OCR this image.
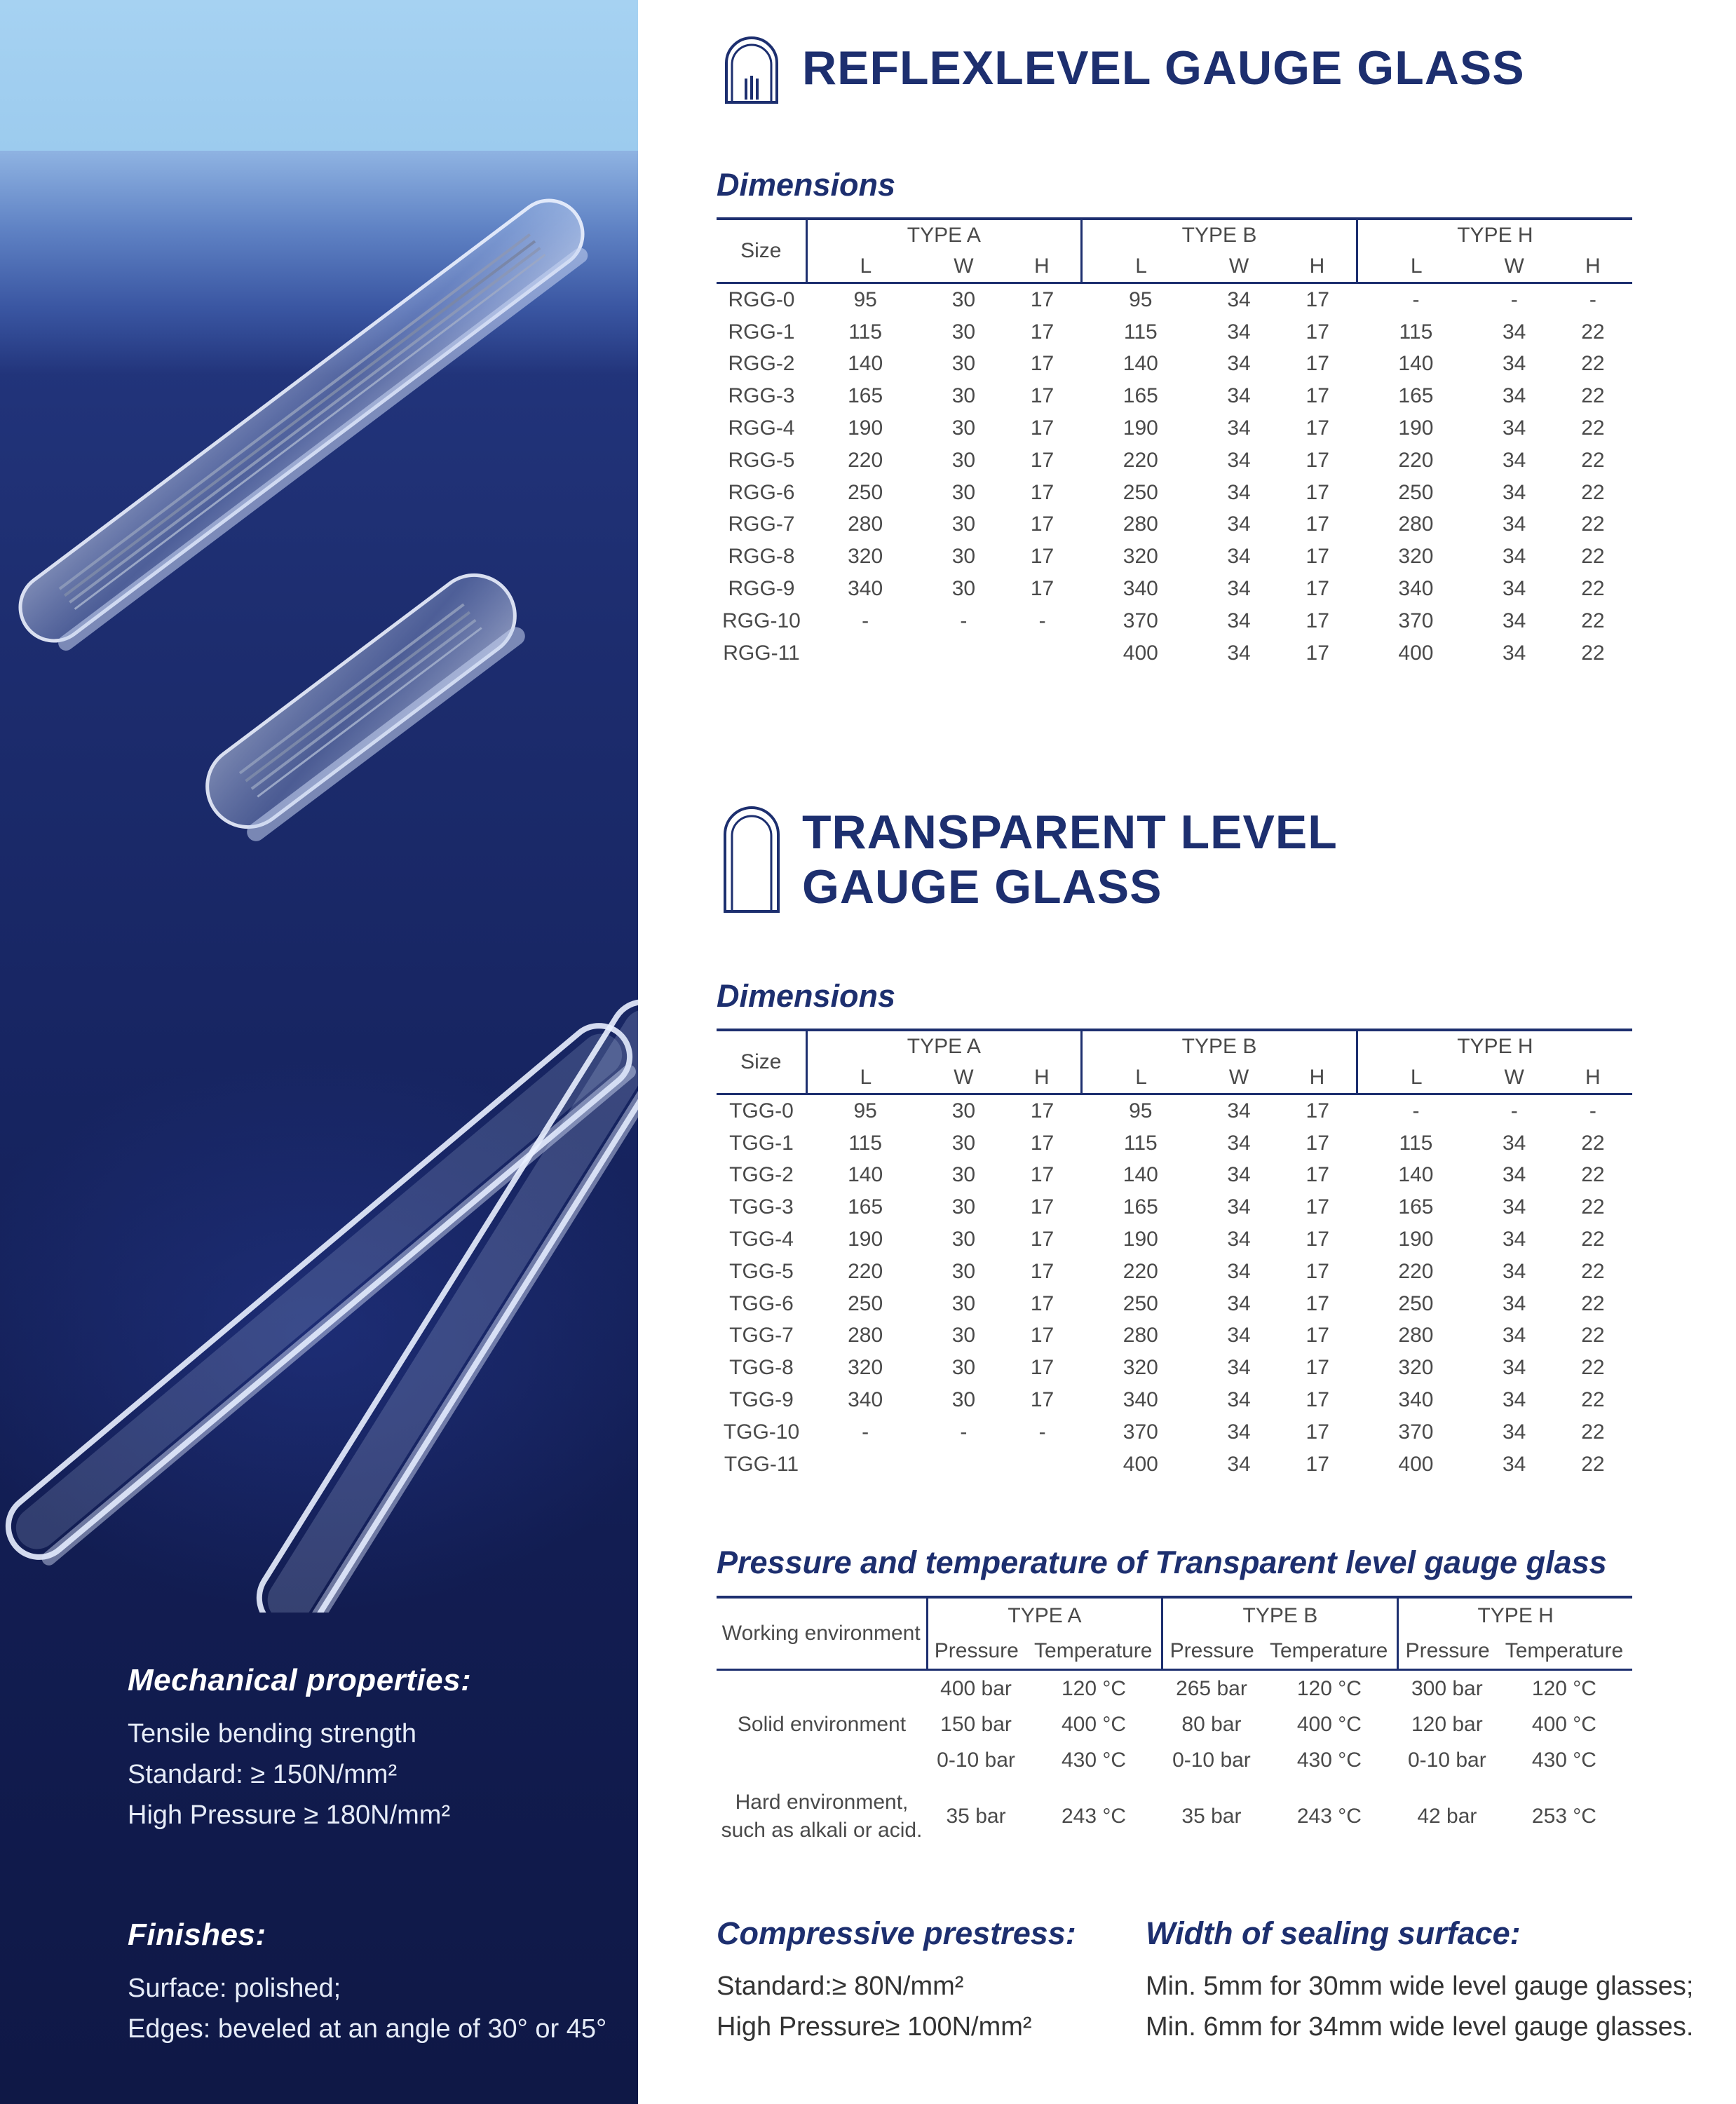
Mechanical properties:

Tensile bending strength

Standard: ≥ 150N/mm²

High Pressure ≥ 180N/mm²

Finishes:

Surface: polished;

Edges: beveled at an angle of 30° or 45°

REFLEXLEVEL GAUGE GLASS

Dimensions

Size	TYPE A			TYPE B			TYPE H		
	L	W	H	L	W	H	L	W	H
RGG-0	95	30	17	95	34	17	-	-	-
RGG-1	115	30	17	115	34	17	115	34	22
RGG-2	140	30	17	140	34	17	140	34	22
RGG-3	165	30	17	165	34	17	165	34	22
RGG-4	190	30	17	190	34	17	190	34	22
RGG-5	220	30	17	220	34	17	220	34	22
RGG-6	250	30	17	250	34	17	250	34	22
RGG-7	280	30	17	280	34	17	280	34	22
RGG-8	320	30	17	320	34	17	320	34	22
RGG-9	340	30	17	340	34	17	340	34	22
RGG-10	-	-	-	370	34	17	370	34	22
RGG-11				400	34	17	400	34	22

TRANSPARENT LEVEL

GAUGE GLASS

Dimensions

Size	TYPE A			TYPE B			TYPE H		
	L	W	H	L	W	H	L	W	H
TGG-0	95	30	17	95	34	17	-	-	-
TGG-1	115	30	17	115	34	17	115	34	22
TGG-2	140	30	17	140	34	17	140	34	22
TGG-3	165	30	17	165	34	17	165	34	22
TGG-4	190	30	17	190	34	17	190	34	22
TGG-5	220	30	17	220	34	17	220	34	22
TGG-6	250	30	17	250	34	17	250	34	22
TGG-7	280	30	17	280	34	17	280	34	22
TGG-8	320	30	17	320	34	17	320	34	22
TGG-9	340	30	17	340	34	17	340	34	22
TGG-10	-	-	-	370	34	17	370	34	22
TGG-11				400	34	17	400	34	22

Pressure and temperature of Transparent level gauge glass

Working environment	TYPE A		TYPE B		TYPE H	
	Pressure	Temperature	Pressure	Temperature	Pressure	Temperature
Solid environment	400 bar	120 °C	265 bar	120 °C	300 bar	120 °C
	150 bar	400 °C	80 bar	400 °C	120 bar	400 °C
	0-10 bar	430 °C	0-10 bar	430 °C	0-10 bar	430 °C
Hard environment,
such as alkali or acid.	35 bar	243 °C	35 bar	243 °C	42 bar	253 °C

Compressive prestress:

Standard:≥ 80N/mm²

High Pressure≥ 100N/mm²

Width of sealing surface:

Min. 5mm for 30mm wide level gauge glasses;

Min. 6mm for 34mm wide level gauge glasses.
